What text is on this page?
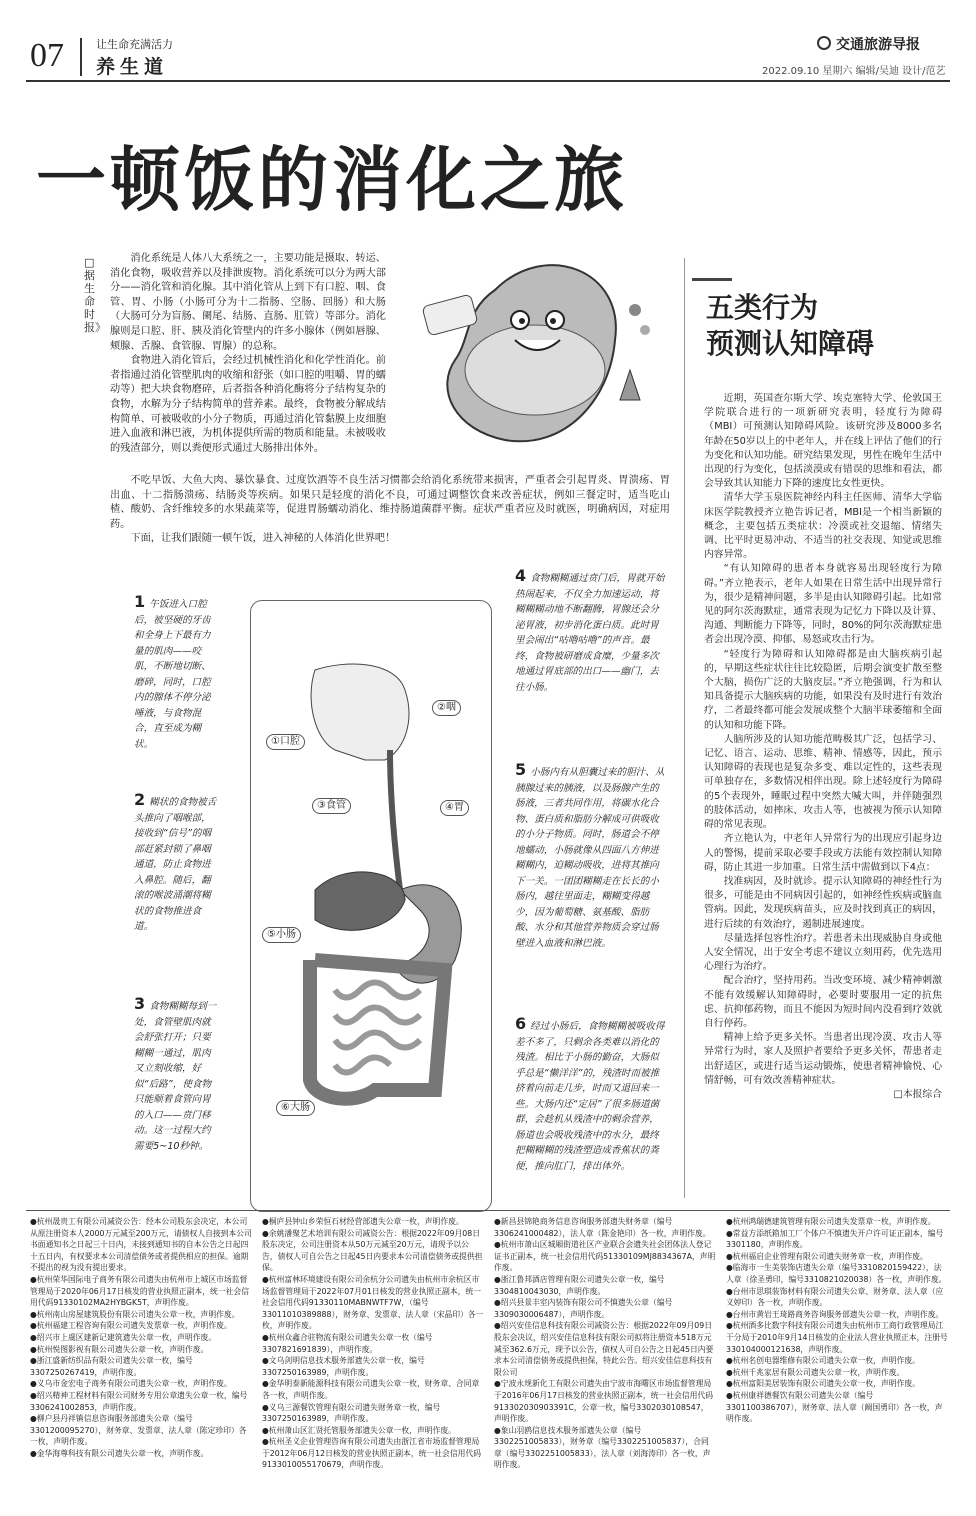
07	让生命充满活力
养生道
交通旅游导报
2022.09.10 星期六 编辑/吴迪 设计/范艺
一顿饭的消化之旅
□据生命时报》

消化系统是人体八大系统之一，主要功能是摄取、转运、消化食物，吸收营养以及排泄废物。消化系统可以分为两大部分——消化管和消化腺。其中消化管从上到下有口腔、咽、食管、胃、小肠（小肠可分为十二指肠、空肠、回肠）和大肠（大肠可分为盲肠、阑尾、结肠、直肠、肛管）等部分。消化腺则是口腔、肝、胰及消化管壁内的许多小腺体（例如唇腺、颊腺、舌腺、食管腺、胃腺）的总称。

食物进入消化管后，会经过机械性消化和化学性消化。前者指通过消化管壁肌肉的收缩和舒张（如口腔的咀嚼、胃的蠕动等）把大块食物磨碎，后者指各种消化酶将分子结构复杂的食物，水解为分子结构简单的营养素。最终，食物被分解成结构简单、可被吸收的小分子物质，再通过消化管黏膜上皮细胞进入血液和淋巴液，为机体提供所需的物质和能量。未被吸收的残渣部分，则以粪便形式通过大肠排出体外。

不吃早饭、大鱼大肉、暴饮暴食、过度饮酒等不良生活习惯都会给消化系统带来损害，严重者会引起胃炎、胃溃疡、胃出血、十二指肠溃疡、结肠炎等疾病。如果只是轻度的消化不良，可通过调整饮食来改善症状，例如三餐定时，适当吃山楂、酸奶、含纤维较多的水果蔬菜等，促进胃肠蠕动消化、维持肠道菌群平衡。症状严重者应及时就医，明确病因，对症用药。

下面，让我们跟随一顿午饭，进入神秘的人体消化世界吧！

①口腔
②咽
③食管	④胃
⑤小肠
⑥大肠
1 午饭进入口腔后，被坚硬的牙齿和全身上下最有力量的肌肉——咬肌，不断地切断、磨碎，同时，口腔内的腺体不停分泌唾液，与食物混合，直至成为糊状。
2 糊状的食物被舌头推向了咽喉部，接收到“信号”的咽部赶紧封锁了鼻咽通道，防止食物进入鼻腔。随后，翻滚的喉波涌潮将糊状的食物推进食道。
3 食物糊糊每到一处，食管壁肌肉就会舒张打开；只要糊糊一通过，肌肉又立刻收缩，好似“后路”，使食物只能顺着食管向胃的入口——贲门移动。这一过程大约需要5~10秒钟。
4 食物糊糊通过贲门后，胃就开始热闹起来，不仅全力加速运动，将糊糊糊动地不断翻腾，胃腺还会分泌胃液，初步消化蛋白质。此时胃里会闹出“咕噜咕噜”的声音。最终，食物被研磨成食糜，少量多次地通过胃底部的出口——幽门，去往小肠。
5 小肠内有从胆囊过来的胆汁、从胰腺过来的胰液，以及肠腺产生的肠液，三者共同作用，将碳水化合物、蛋白质和脂肪分解成可供吸收的小分子物质。同时，肠道会不停地蠕动，小肠就像从四面八方伸进糊糊内，迫糊动吸收，进将其推向下一关。一团团糊糊走在长长的小肠内，越往里面走，糊糊变得越少，因为葡萄糖、氨基酸、脂肪酸、水分和其他营养物质会穿过肠壁进入血液和淋巴液。
6 经过小肠后，食物糊糊被吸收得差不多了，只剩余各类难以消化的残渣。相比于小肠的勤奋，大肠似乎总是“懒洋洋”的，残渣时而被推挤着向前走几步，时而又退回来一些。大肠内还“定居”了很多肠道菌群，会趁机从残渣中的剩余营养，肠道也会吸收残渣中的水分，最终把糊糊糊的残渣塑造成香蕉状的粪便，推向肛门，排出体外。
五类行为
预测认知障碍

近期，英国查尔斯大学、埃克塞特大学、伦敦国王学院联合进行的一项新研究表明，轻度行为障碍（MBI）可预测认知障碍风险。该研究涉及8000多名年龄在50岁以上的中老年人，并在线上评估了他们的行为变化和认知功能。研究结果发现，男性在晚年生活中出现的行为变化，包括淡漠或有错误的思维和看法，都会导致其认知能力下降的速度比女性更快。

清华大学玉泉医院神经内科主任医师、清华大学临床医学院教授齐立艳告诉记者，MBI是一个相当新颖的概念，主要包括五类症状：冷漠或社交退缩、情绪失调、比平时更易冲动、不适当的社交表现、知觉或思维内容异常。

“有认知障碍的患者本身就容易出现轻度行为障碍。”齐立艳表示，老年人如果在日常生活中出现异常行为，很少是精神问题，多半是由认知障碍引起。比如常见的阿尔茨海默症，通常表现为记忆力下降以及计算、沟通、判断能力下降等，同时，80%的阿尔茨海默症患者会出现冷漠、抑郁、易怒或攻击行为。

“轻度行为障碍和认知障碍都是由大脑疾病引起的，早期这些症状往往比较隐匿，后期会演变扩散至整个大脑，损伤广泛的大脑皮层。”齐立艳强调，行为和认知具备提示大脑疾病的功能，如果没有及时进行有效治疗，二者最终都可能会发展成整个大脑半球萎缩和全面的认知和功能下降。

人脑所涉及的认知功能范畴极其广泛，包括学习、记忆、语言、运动、思维、精神、情感等，因此，预示认知障碍的表现也是复杂多变、难以定性的，这些表现可单独存在，多数情况相伴出现。除上述轻度行为障碍的5个表现外，睡眠过程中突然大喊大叫，并伴随强烈的肢体活动，如摔床、攻击人等，也被视为预示认知障碍的常见表现。

齐立艳认为，中老年人异常行为的出现应引起身边人的警惕，提前采取必要手段或方法能有效控制认知障碍，防止其进一步加重。日常生活中需做到以下4点：

找准病因，及时就诊。提示认知障碍的神经性行为很多，可能是由不同病因引起的，如神经性疾病或脑血管病。因此，发现疾病苗头，应及时找到真正的病因，进行后续的有效治疗，遏制进展速度。

尽量选择包容性治疗。若患者未出现威胁自身或他人安全情况，出于安全考虑不建议立刻用药，优先选用心理行为治疗。

配合治疗，坚持用药。当改变环境、减少精神刺激不能有效缓解认知障碍时，必要时要服用一定的抗焦虑、抗抑郁药物，而且不能因为短时间内没看到疗效就自行停药。

精神上给予更多关怀。当患者出现冷漠、攻击人等异常行为时，家人及照护者要给予更多关怀，帮患者走出舒适区，或进行适当运动锻炼，使患者精神愉悦、心情舒畅，可有效改善精神症状。

□本报综合
●杭州晟贵工有限公司减资公告：经本公司股东会决定，本公司从原注册资本人2000万元减至200万元，请债权人自接到本公司书面通知书之日起三十日内，未接到通知书的自本公告之日起四十五日内，有权要求本公司清偿债务或者提供相应的担保。逾期不提出的视为没有提出要求。
●杭州荣华国际电子商务有限公司遗失由杭州市上城区市场监督管理局于2020年06月17日核发的营业执照正副本，统一社会信用代码91330102MA2HYBGK5T，声明作废。
●杭州南山房屋建筑股份有限公司遗失公章一枚，声明作废。
●杭州福建工程咨询有限公司遗失发票章一枚，声明作废。
●绍兴市上虞区建新记建筑遗失公章一枚，声明作废。
●杭州悦图影视有限公司遗失公章一枚，声明作废。
●浙江盛新纺织品有限公司遗失公章一枚，编号3307250267419，声明作废。
●义乌市金宏电子商务有限公司遗失公章一枚，声明作废。
●绍兴精神工程材料有限公司财务专用公章遗失公章一枚，编号3306241002853，声明作废。
●柳户县丹祥镇信息咨询服务部遗失公章（编号3301200095270），财务章、发票章、法人章（陈定珍印）各一枚，声明作废。
●金华海尊科技有限公司遗失公章一枚，声明作废。
●桐庐县钟山乡荣恒石材经营部遗失公章一枚，声明作废。
●余姚潘聚艺术培训有限公司减资公告：根据2022年09月08日股东决定，公司注册资本从50万元减至20万元，请现予以公告，债权人可自公告之日起45日内要求本公司清偿债务或提供担保。
●杭州富林环境建设有限公司余杭分公司遗失由杭州市余杭区市场监督管理局于2022年07月01日核发的营业执照正副本，统一社会信用代码91330110MABNWTF7W，（编号33011010389888），财务章、发票章、法人章（宋晶印）各一枚，声明作废。
●杭州众鑫合驻物流有限公司遗失公章一枚（编号3307821691839），声明作废。
●文乌剑明信息技术服务部遗失公章一枚，编号3307250163989，声明作废。
●金华明泰新能源科技有限公司遗失公章一枚，财务章、合同章各一枚，声明作废。
●义乌三源餐饮管理有限公司遗失财务章一枚，编号3307250163989，声明作废。
●杭州萧山区汇贤托管服务部遗失公章一枚，声明作废。
●杭州圣义企业管理咨询有限公司遗失由浙江省市场监督管理局于2012年06月12日核发的营业执照正副本，统一社会信用代码9133010055170679，声明作废。
●新昌县锦艳商务信息咨询服务部遗失财务章（编号3306241000482），法人章（陈金艳印）各一枚，声明作废。
●杭州市萧山区城厢街道社区产业联合会遗失社会团体法人登记证书正副本，统一社会信用代码51330109MJ8834367A，声明作废。
●浙江鲁邦酒店管理有限公司遗失公章一枚，编号3304810043030，声明作废。
●绍兴县景丰室内装饰有限公司不慎遗失公章（编号3309030006487），声明作废。
●绍兴安佳信息科技有限公司减资公告：根据2022年09月09日股东会决议，绍兴安佳信息科技有限公司拟将注册资本518万元减至362.6万元，现予以公告，债权人可自公告之日起45日内要求本公司清偿债务或提供担保，特此公告。绍兴安佳信息科技有限公司
●宁波永规新化工有限公司遗失由宁波市海曙区市场监督管理局于2016年06月17日核发的营业执照正副本，统一社会信用代码913302030903391C，公章一枚，编号3302030108547，声明作废。
●象山羽鸥信息技术服务部遗失公章（编号3302251005833），财务章（编号3302251005837），合同章（编号3302251005833），法人章（刘海涛印）各一枚，声明作废。
●杭州鸿瑞德建筑管理有限公司遗失发票章一枚，声明作废。
●常益方添纸箱加工厂个体户不慎遗失开户许可证正副本，编号3301180，声明作废。
●杭州福启企业管理有限公司遗失财务章一枚，声明作废。
●临海市一生美装饰店遗失公章（编号3310820159422），法人章（徐圣勇印，编号3310821020038）各一枚，声明作废。
●台州市思琪装饰材料有限公司遗失公章、财务章、法人章（应义婷印）各一枚，声明作废。
●台州市黄岩王琦路商务咨询服务部遗失公章一枚，声明作废。
●杭州酒多比数字科技有限公司遗失由杭州市工商行政管理局江干分局于2010年9月14日核发的企业法人营业执照正本，注册号330104000121638，声明作废。
●杭州名创电器维修有限公司遗失公章一枚，声明作废。
●杭州千兆家居有限公司遗失公章一枚，声明作废。
●杭州富阳美居装饰有限公司遗失公章一枚，声明作废。
●杭州康祥德餐饮有限公司遗失公章（编号3301100386707），财务章、法人章（阚国勇印）各一枚，声明作废。
